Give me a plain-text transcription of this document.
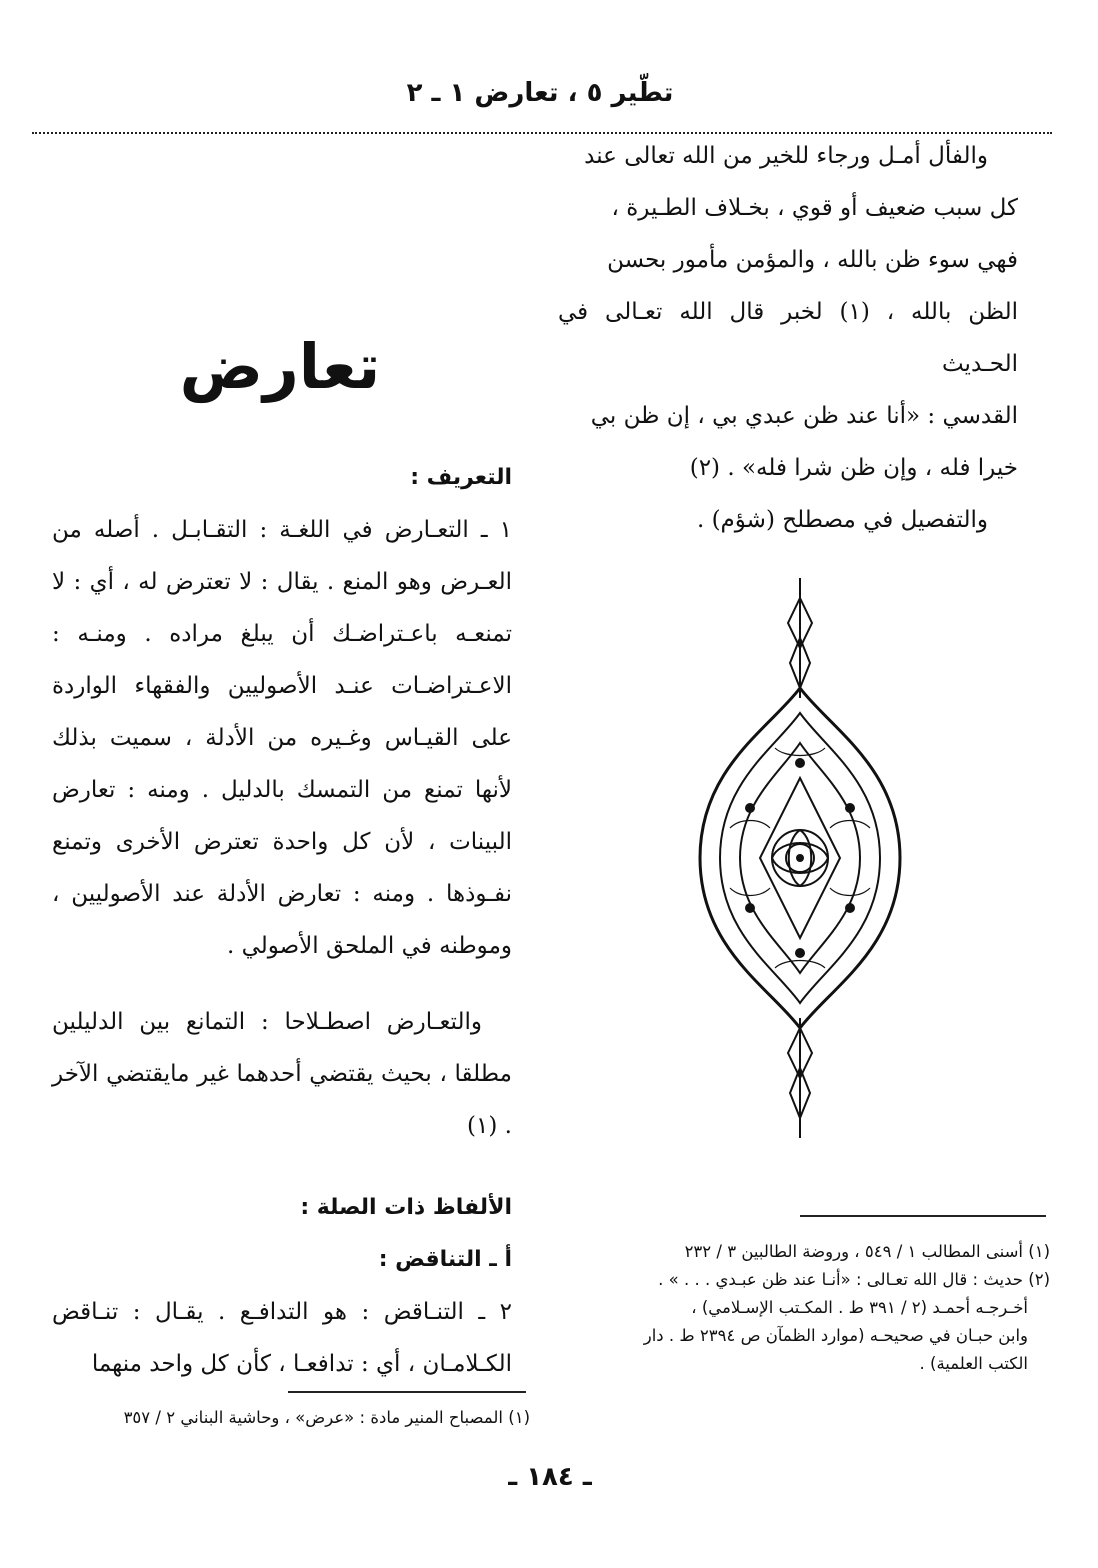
تطّير ٥ ، تعارض ١ ـ ٢

والفأل أمـل ورجاء للخير من الله تعالى عند

كل سبب ضعيف أو قوي ، بخـلاف الطـيرة ،

فهي سوء ظن بالله ، والمؤمن مأمور بحسن

الظن بالله ، (١) لخبر قال الله تعـالى في الحـديث

القدسي : «أنا عند ظن عبدي بي ، إن ظن بي

خيرا فله ، وإن ظن شرا فله» . (٢)

والتفصيل في مصطلح (شؤم) .

تعارض

التعريف :

١ ـ التعـارض في اللغـة : التقـابـل . أصله من العـرض وهو المنع . يقال : لا تعترض له ، أي : لا تمنعـه باعـتراضـك أن يبلغ مراده . ومنـه : الاعـتراضـات عنـد الأصوليين والفقهاء الواردة على القيـاس وغـيره من الأدلة ، سميت بذلك لأنها تمنع من التمسك بالدليل . ومنه : تعارض البينات ، لأن كل واحدة تعترض الأخرى وتمنع نفـوذها . ومنه : تعارض الأدلة عند الأصوليين ، وموطنه في الملحق الأصولي .

والتعـارض اصطـلاحا : التمانع بين الدليلين مطلقا ، بحيث يقتضي أحدهما غير مايقتضي الآخر . (١)

الألفاظ ذات الصلة :

أ ـ التناقض :

٢ ـ التنـاقض : هو التدافـع . يقـال : تنـاقض الكـلامـان ، أي : تدافعـا ، كأن كل واحد منهما

(١) أسنى المطالب ١ / ٥٤٩ ، وروضة الطالبين ٣ / ٢٣٢

(٢) حديث : قال الله تعـالى : «أنـا عند ظن عبـدي . . . » .

أخـرجـه أحمـد (٢ / ٣٩١ ط . المكـتب الإسـلامي) ،

وابن حبـان في صحيحـه (موارد الظمآن ص ٢٣٩٤ ط . دار

الكتب العلمية) .

(١) المصباح المنير مادة : «عرض» ، وحاشية البناني ٢ / ٣٥٧

ـ ١٨٤ ـ
